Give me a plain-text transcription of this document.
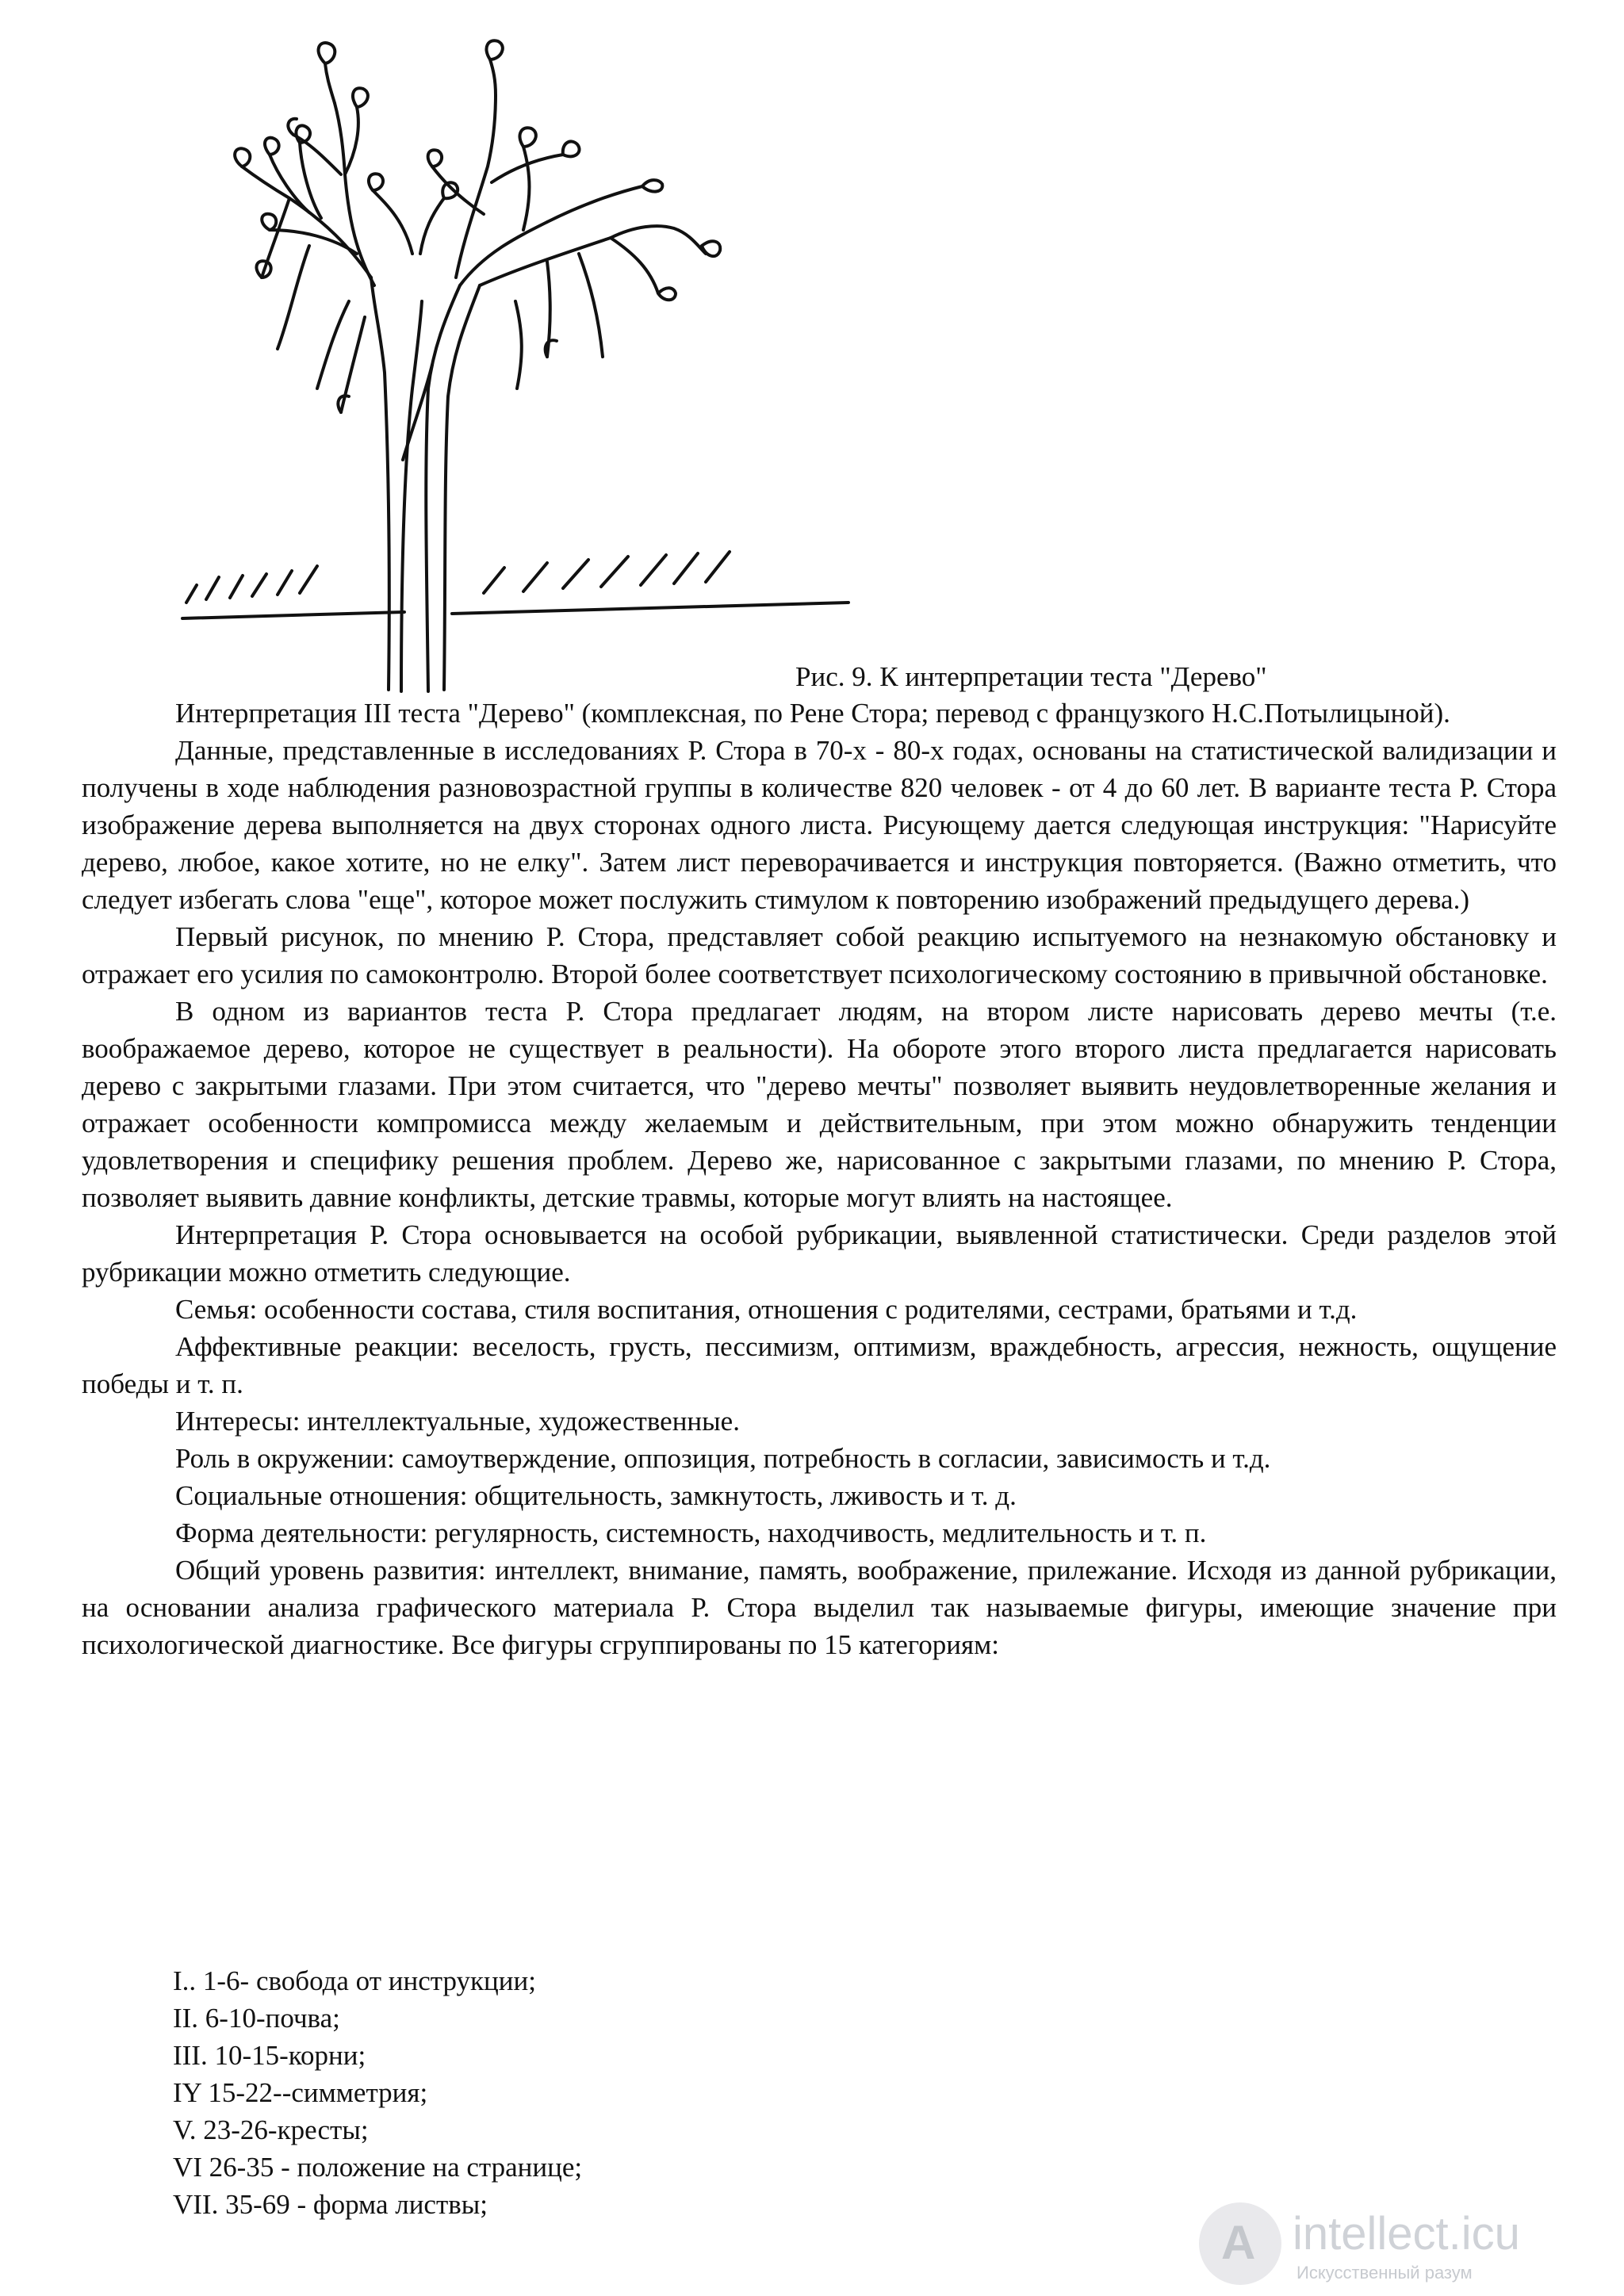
Рис. 9. К интерпретации теста "Дерево"

Интерпретация III теста "Дерево" (комплексная, по Рене Стора; перевод с французкого Н.С.Потылицыной).

Данные, представленные в исследованиях Р. Стора в 70-х - 80-х годах, основаны на статистической валидизации и получены в ходе наблюдения разновозрастной группы в количестве 820 человек - от 4 до 60 лет. В варианте теста Р. Стора изображение дерева выполняется на двух сторонах одного листа. Рисующему дается следующая инструкция: "Нарисуйте дерево, любое, какое хотите, но не елку". Затем лист переворачивается и инструкция повторяется. (Важно отметить, что следует избегать слова "еще", которое может послужить стимулом к повторению изображений предыдущего дерева.)

Первый рисунок, по мнению Р. Стора, представляет собой реакцию испытуемого на незнакомую обстановку и отражает его усилия по самоконтролю. Второй более соответствует психологическому состоянию в привычной обстановке.

В одном из вариантов теста Р. Стора предлагает людям, на втором листе нарисовать дерево мечты (т.е. воображаемое дерево, которое не существует в реальности). На обороте этого второго листа предлагается нарисовать дерево с закрытыми глазами. При этом считается, что "дерево мечты" позволяет выявить неудовлетворенные желания и отражает особенности компромисса между желаемым и действительным, при этом можно обнаружить тенденции удовлетворения и специфику решения проблем. Дерево же, нарисованное с закрытыми глазами, по мнению Р. Стора, позволяет выявить давние конфликты, детские травмы, которые могут влиять на настоящее.

Интерпретация Р. Стора основывается на особой рубрикации, выявленной статистически. Среди разделов этой рубрикации можно отметить следующие.

Семья: особенности состава, стиля воспитания, отношения с родителями, сестрами, братьями и т.д.

Аффективные реакции: веселость, грусть, пессимизм, оптимизм, враждебность, агрессия, нежность, ощущение победы и т. п.

Интересы: интеллектуальные, художественные.

Роль в окружении: самоутверждение, оппозиция, потребность в согласии, зависимость и т.д.

Социальные отношения: общительность, замкнутость, лживость и т. д.

Форма деятельности: регулярность, системность, находчивость, медлительность и т. п.

Общий уровень развития: интеллект, внимание, память, воображение, прилежание. Исходя из данной рубрикации, на основании анализа графического материала Р. Стора выделил так называемые фигуры, имеющие значение при психологической диагностике. Все фигуры сгруппированы по 15 категориям:

I.. 1-6- свобода от инструкции;
II. 6-10-почва;
III. 10-15-корни;
IY 15-22--симметрия;
V. 23-26-кресты;
VI 26-35 - положение на странице;
VII. 35-69 - форма листвы;
A intellect.icu
Искусственный разум
